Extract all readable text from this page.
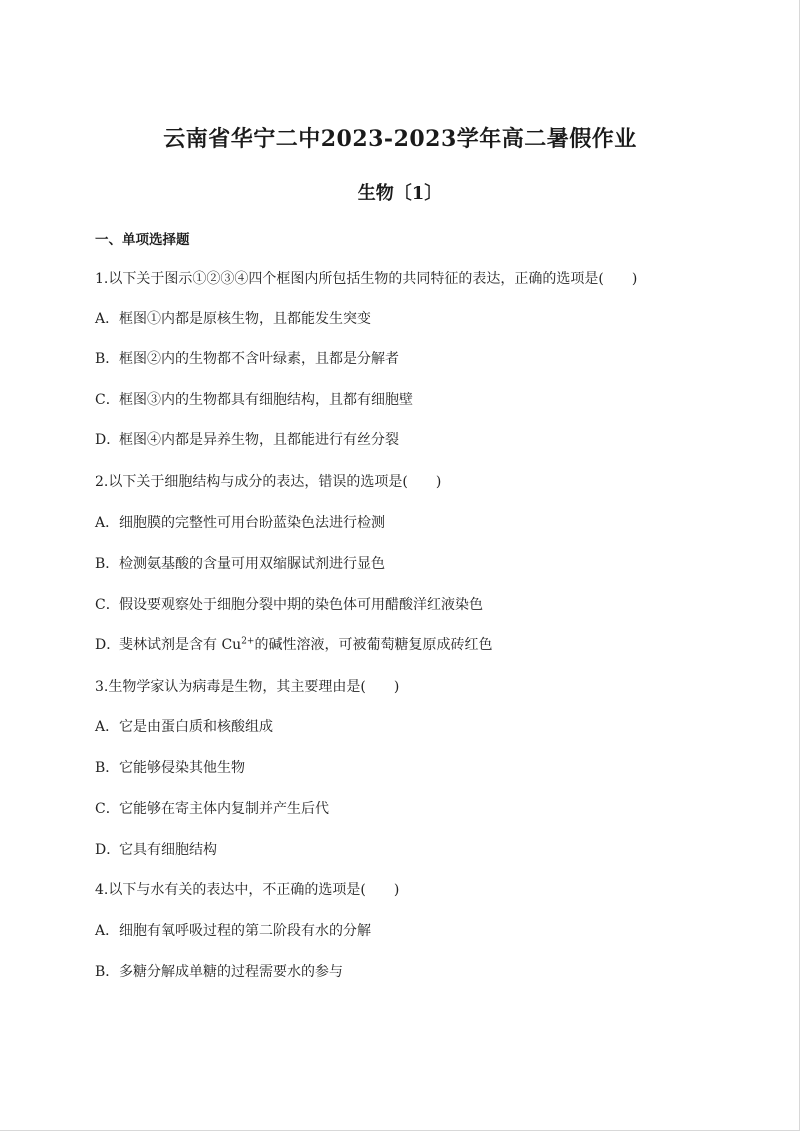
云南省华宁二中2023-2023学年高二暑假作业
生物〔1〕
一、单项选择题
1.以下关于图示①②③④四个框图内所包括生物的共同特征的表达，正确的选项是(　　)
A．框图①内都是原核生物，且都能发生突变
B．框图②内的生物都不含叶绿素，且都是分解者
C．框图③内的生物都具有细胞结构，且都有细胞壁
D．框图④内都是异养生物，且都能进行有丝分裂
2.以下关于细胞结构与成分的表达，错误的选项是(　　)
A．细胞膜的完整性可用台盼蓝染色法进行检测
B．检测氨基酸的含量可用双缩脲试剂进行显色
C．假设要观察处于细胞分裂中期的染色体可用醋酸洋红液染色
D．斐林试剂是含有 $Cu^{2+}$的碱性溶液，可被葡萄糖复原成砖红色
3.生物学家认为病毒是生物，其主要理由是(　　)
A．它是由蛋白质和核酸组成
B．它能够侵染其他生物
C．它能够在寄主体内复制并产生后代
D．它具有细胞结构
4.以下与水有关的表达中，不正确的选项是(　　)
A．细胞有氧呼吸过程的第二阶段有水的分解
B．多糖分解成单糖的过程需要水的参与
